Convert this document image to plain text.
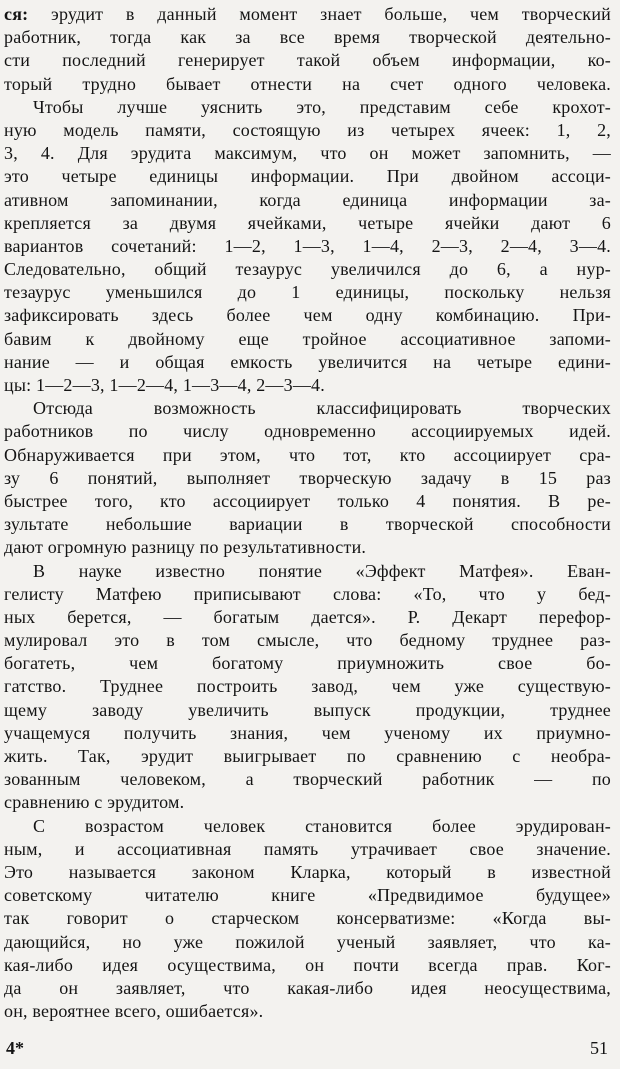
ся: эрудит в данный момент знает больше, чем творческий
работник, тогда как за все время творческой деятельно-
сти последний генерирует такой объем информации, ко-
торый трудно бывает отнести на счет одного человека.
Чтобы лучше уяснить это, представим себе крохот-
ную модель памяти, состоящую из четырех ячеек: 1, 2,
3, 4. Для эрудита максимум, что он может запомнить, —
это четыре единицы информации. При двойном ассоци-
ативном запоминании, когда единица информации за-
крепляется за двумя ячейками, четыре ячейки дают 6
вариантов сочетаний: 1—2, 1—3, 1—4, 2—3, 2—4, 3—4.
Следовательно, общий тезаурус увеличился до 6, а нур-
тезаурус уменьшился до 1 единицы, поскольку нельзя
зафиксировать здесь более чем одну комбинацию. При-
бавим к двойному еще тройное ассоциативное запоми-
нание — и общая емкость увеличится на четыре едини-
цы: 1—2—3, 1—2—4, 1—3—4, 2—3—4.
Отсюда возможность классифицировать творческих
работников по числу одновременно ассоциируемых идей.
Обнаруживается при этом, что тот, кто ассоциирует сра-
зу 6 понятий, выполняет творческую задачу в 15 раз
быстрее того, кто ассоциирует только 4 понятия. В ре-
зультате небольшие вариации в творческой способности
дают огромную разницу по результативности.
В науке известно понятие «Эффект Матфея». Еван-
гелисту Матфею приписывают слова: «То, что у бед-
ных берется, — богатым дается». Р. Декарт перефор-
мулировал это в том смысле, что бедному труднее раз-
богатеть, чем богатому приумножить свое бо-
гатство. Труднее построить завод, чем уже существую-
щему заводу увеличить выпуск продукции, труднее
учащемуся получить знания, чем ученому их приумно-
жить. Так, эрудит выигрывает по сравнению с необра-
зованным человеком, а творческий работник — по
сравнению с эрудитом.
С возрастом человек становится более эрудирован-
ным, и ассоциативная память утрачивает свое значение.
Это называется законом Кларка, который в известной
советскому читателю книге «Предвидимое будущее»
так говорит о старческом консерватизме: «Когда вы-
дающийся, но уже пожилой ученый заявляет, что ка-
кая-либо идея осуществима, он почти всегда прав. Ког-
да он заявляет, что какая-либо идея неосуществима,
он, вероятнее всего, ошибается».
4*	51
